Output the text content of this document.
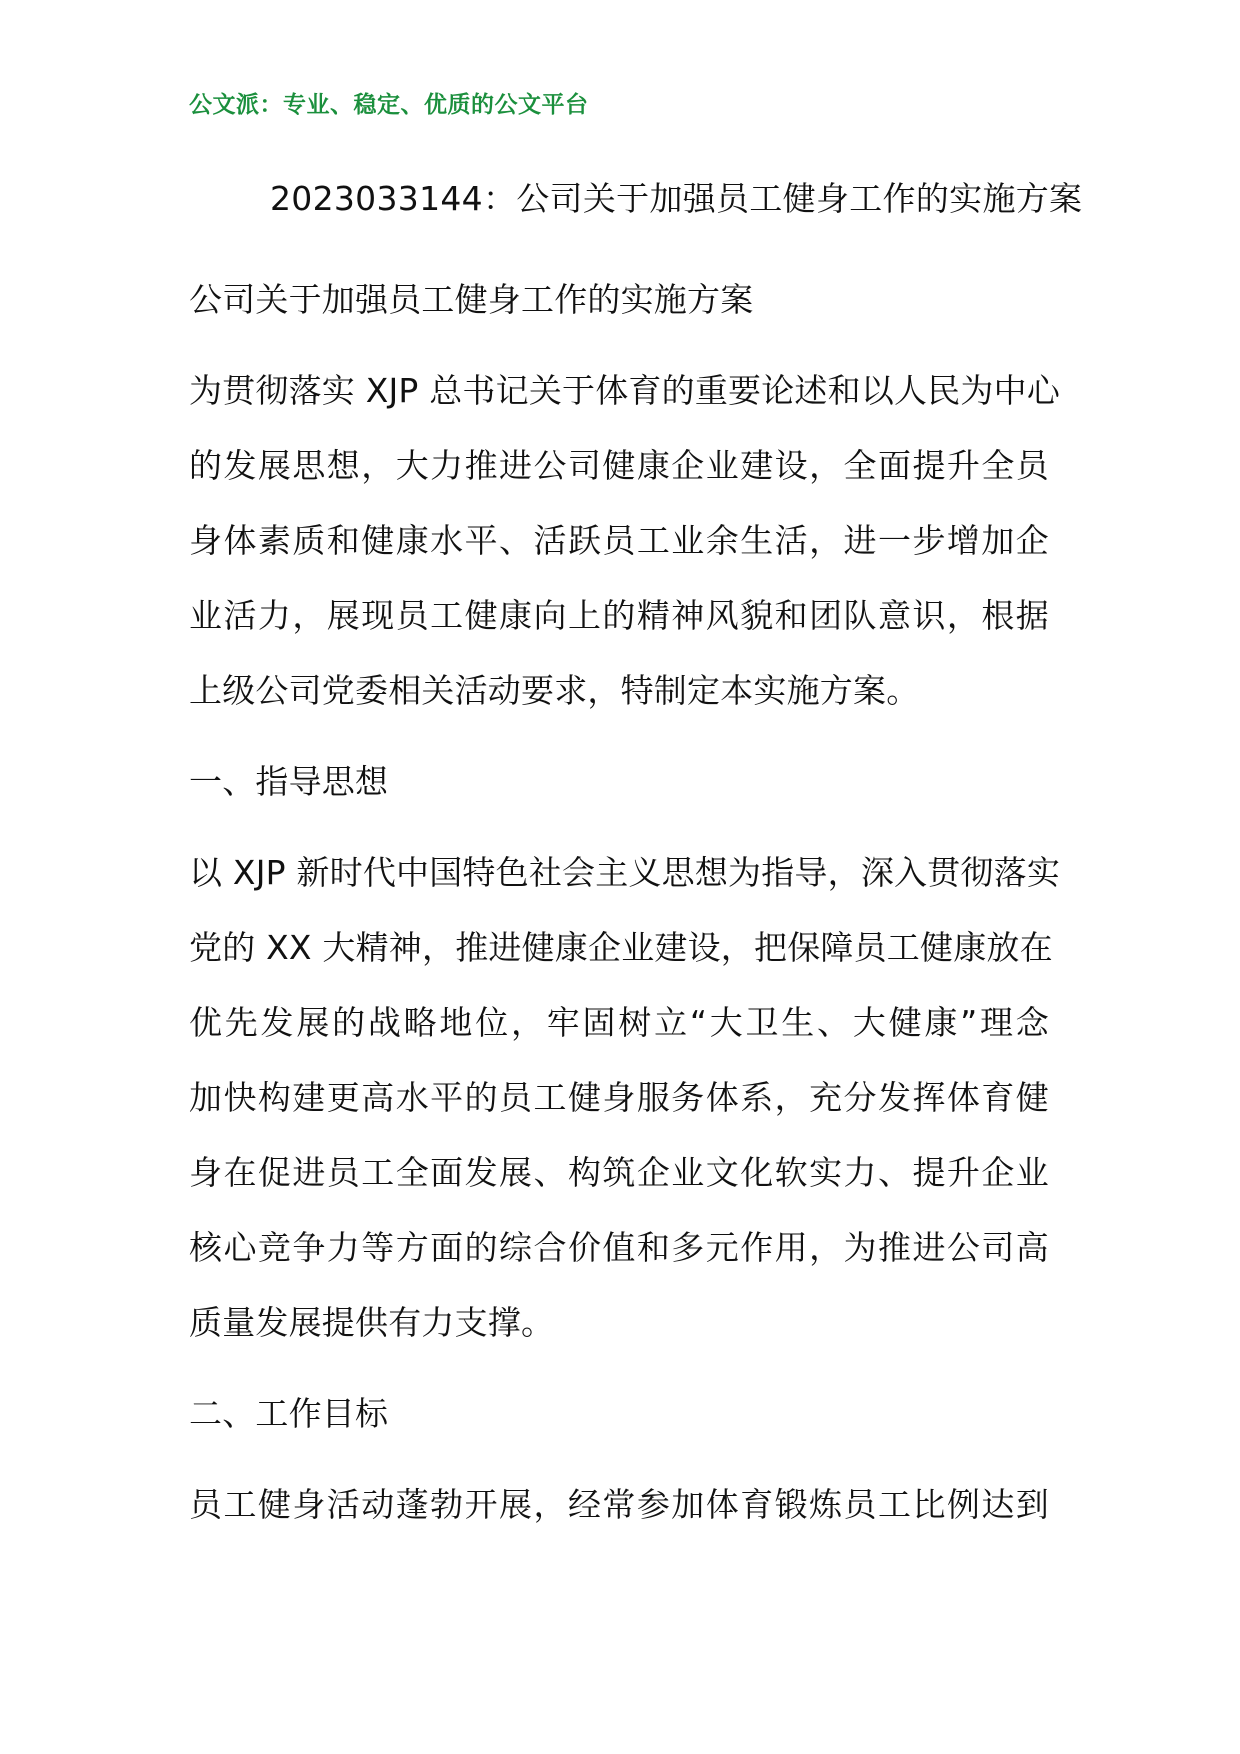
公文派：专业、稳定、优质的公文平台
2023033144：公司关于加强员工健身工作的实施方案
公司关于加强员工健身工作的实施方案
为贯彻落实 XJP 总书记关于体育的重要论述和以人民为中心
的发展思想，大力推进公司健康企业建设，全面提升全员
身体素质和健康水平、活跃员工业余生活，进一步增加企
业活力，展现员工健康向上的精神风貌和团队意识，根据
上级公司党委相关活动要求，特制定本实施方案。
一、指导思想
以 XJP 新时代中国特色社会主义思想为指导，深入贯彻落实
党的 XX 大精神，推进健康企业建设，把保障员工健康放在
优先发展的战略地位，牢固树立“大卫生、大健康”理念
加快构建更高水平的员工健身服务体系，充分发挥体育健
身在促进员工全面发展、构筑企业文化软实力、提升企业
核心竞争力等方面的综合价值和多元作用，为推进公司高
质量发展提供有力支撑。
二、工作目标
员工健身活动蓬勃开展，经常参加体育锻炼员工比例达到
